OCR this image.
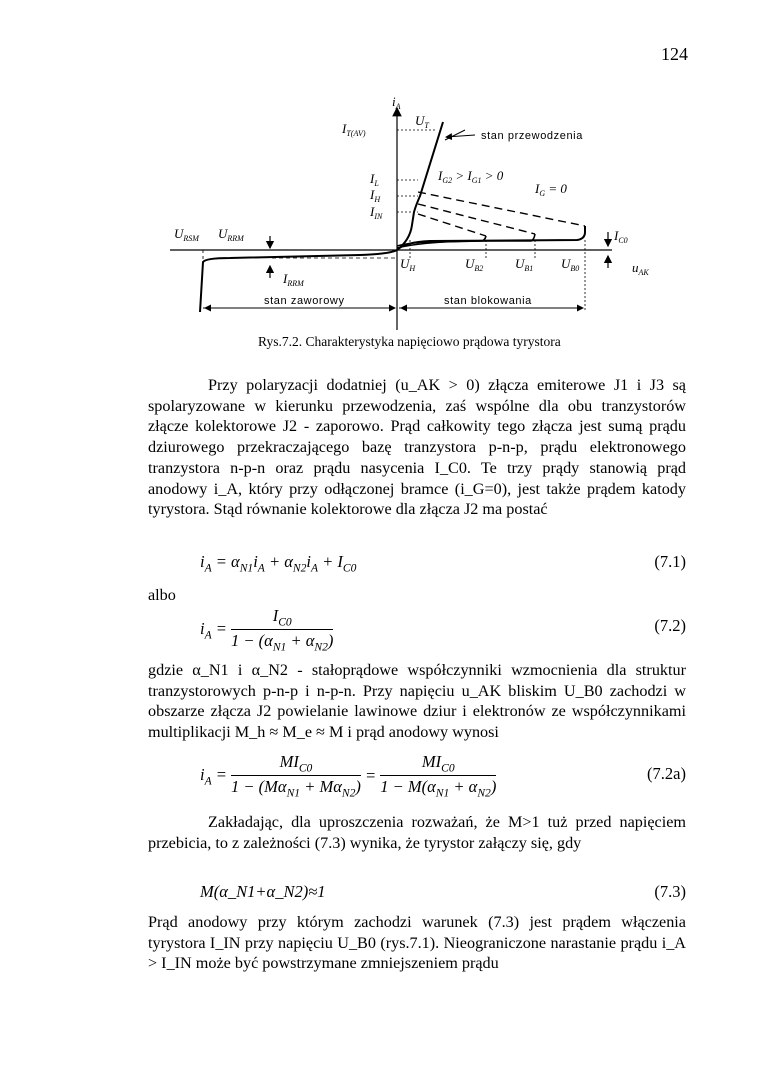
124
$i_A$
$I_{T(AV)}$
$U_T$
stan przewodzenia
$I_L$
$I_H$
$I_{IN}$
$I_{G2} > I_{G1} > 0$
$I_G = 0$
$I_{C0}$
$U_{RSM}$ $U_{RRM}$
$U_H$	$U_{B2}$ $U_{B1}$ $U_{B0}$	$u_{AK}$
$I_{RRM}$
stan zaworowy	stan blokowania
Rys.7.2. Charakterystyka napięciowo prądowa tyrystora
Przy polaryzacji dodatniej (u_AK > 0) złącza emiterowe J1 i J3 są spolaryzowane w kierunku przewodzenia, zaś wspólne dla obu tranzystorów złącze kolektorowe J2 - zaporowo. Prąd całkowity tego złącza jest sumą prądu dziurowego przekraczającego bazę tranzystora p-n-p, prądu elektronowego tranzystora n-p-n oraz prądu nasycenia I_C0. Te trzy prądy stanowią prąd anodowy i_A, który przy odłączonej bramce (i_G=0), jest także prądem katody tyrystora. Stąd równanie kolektorowe dla złącza J2 ma postać
$i_A = \alpha_{N1}i_A + \alpha_{N2}i_A + I_{C0}$	(7.1)
albo
$i_A = \frac{I_{C0}}{1 - (\alpha_{N1} + \alpha_{N2})}$	(7.2)
gdzie α_N1 i α_N2 - stałoprądowe współczynniki wzmocnienia dla struktur tranzystorowych p-n-p i n-p-n. Przy napięciu u_AK bliskim U_B0 zachodzi w obszarze złącza J2 powielanie lawinowe dziur i elektronów ze współczynnikami multiplikacji M_h ≈ M_e ≈ M i prąd anodowy wynosi
$i_A = \frac{MI_{C0}}{1 - (M\alpha_{N1} + M\alpha_{N2})} = \frac{MI_{C0}}{1 - M(\alpha_{N1} + \alpha_{N2})}$	(7.2a)
Zakładając, dla uproszczenia rozważań, że M>1 tuż przed napięciem przebicia, to z zależności (7.3) wynika, że tyrystor załączy się, gdy
M(α_N1+α_N2)≈1	(7.3)
Prąd anodowy przy którym zachodzi warunek (7.3) jest prądem włączenia tyrystora I_IN przy napięciu U_B0 (rys.7.1). Nieograniczone narastanie prądu i_A > I_IN może być powstrzymane zmniejszeniem prądu
